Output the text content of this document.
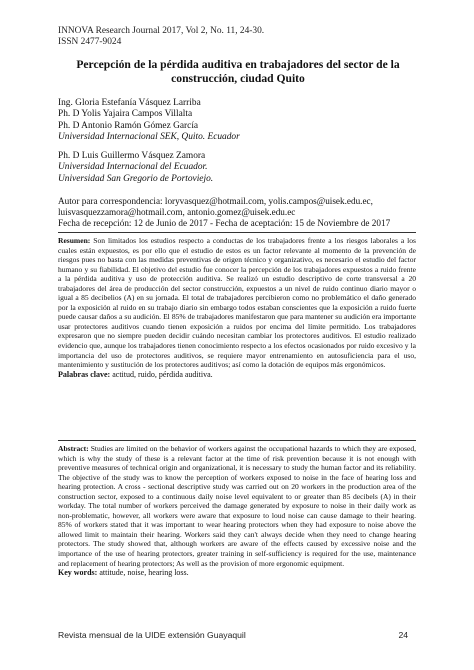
INNOVA Research Journal 2017, Vol 2, No. 11, 24-30.
ISSN 2477-9024
Percepción de la pérdida auditiva en trabajadores del sector de la
construcción, ciudad Quito
Ing. Gloria Estefanía Vásquez Larriba
Ph. D Yolis Yajaira Campos Villalta
Ph. D Antonio Ramón Gómez García
Universidad Internacional SEK, Quito. Ecuador
Ph. D Luis Guillermo Vásquez Zamora
Universidad Internacional del Ecuador.
Universidad San Gregorio de Portoviejo.
Autor para correspondencia: loryvasquez@hotmail.com, yolis.campos@uisek.edu.ec,
luisvasquezzamora@hotmail.com, antonio.gomez@uisek.edu.ec
Fecha de recepción: 12 de Junio de 2017 - Fecha de aceptación: 15 de Noviembre de 2017
Resumen: Son limitados los estudios respecto a conductas de los trabajadores frente a los riesgos laborales a los cuales están expuestos, es por ello que el estudio de estos es un factor relevante al momento de la prevención de riesgos pues no basta con las medidas preventivas de origen técnico y organizativo, es necesario el estudio del factor humano y su fiabilidad. El objetivo del estudio fue conocer la percepción de los trabajadores expuestos a ruido frente a la pérdida auditiva y uso de protección auditiva. Se realizó un estudio descriptivo de corte transversal a 20 trabajadores del área de producción del sector construcción, expuestos a un nivel de ruido continuo diario mayor o igual a 85 decibelios (A) en su jornada. El total de trabajadores percibieron como no problemático el daño generado por la exposición al ruido en su trabajo diario sin embargo todos estaban conscientes que la exposición a ruido fuerte puede causar daños a su audición. El 85% de trabajadores manifestaron que para mantener su audición era importante usar protectores auditivos cuando tienen exposición a ruidos por encima del límite permitido. Los trabajadores expresaron que no siempre pueden decidir cuándo necesitan cambiar los protectores auditivos. El estudio realizado evidencio que, aunque los trabajadores tienen conocimiento respecto a los efectos ocasionados por ruido excesivo y la importancia del uso de protectores auditivos, se requiere mayor entrenamiento en autosuficiencia para el uso, mantenimiento y sustitución de los protectores auditivos; así como la dotación de equipos más ergonómicos.
Palabras clave: actitud, ruido, pérdida auditiva.
Abstract: Studies are limited on the behavior of workers against the occupational hazards to which they are exposed, which is why the study of these is a relevant factor at the time of risk prevention because it is not enough with preventive measures of technical origin and organizational, it is necessary to study the human factor and its reliability. The objective of the study was to know the perception of workers exposed to noise in the face of hearing loss and hearing protection. A cross - sectional descriptive study was carried out on 20 workers in the production area of the construction sector, exposed to a continuous daily noise level equivalent to or greater than 85 decibels (A) in their workday. The total number of workers perceived the damage generated by exposure to noise in their daily work as non-problematic, however, all workers were aware that exposure to loud noise can cause damage to their hearing. 85% of workers stated that it was important to wear hearing protectors when they had exposure to noise above the allowed limit to maintain their hearing. Workers said they can't always decide when they need to change hearing protectors. The study showed that, although workers are aware of the effects caused by excessive noise and the importance of the use of hearing protectors, greater training in self-sufficiency is required for the use, maintenance and replacement of hearing protectors; As well as the provision of more ergonomic equipment.
Key words: attitude, noise, hearing loss.
Revista mensual de la UIDE extensión Guayaquil	24
